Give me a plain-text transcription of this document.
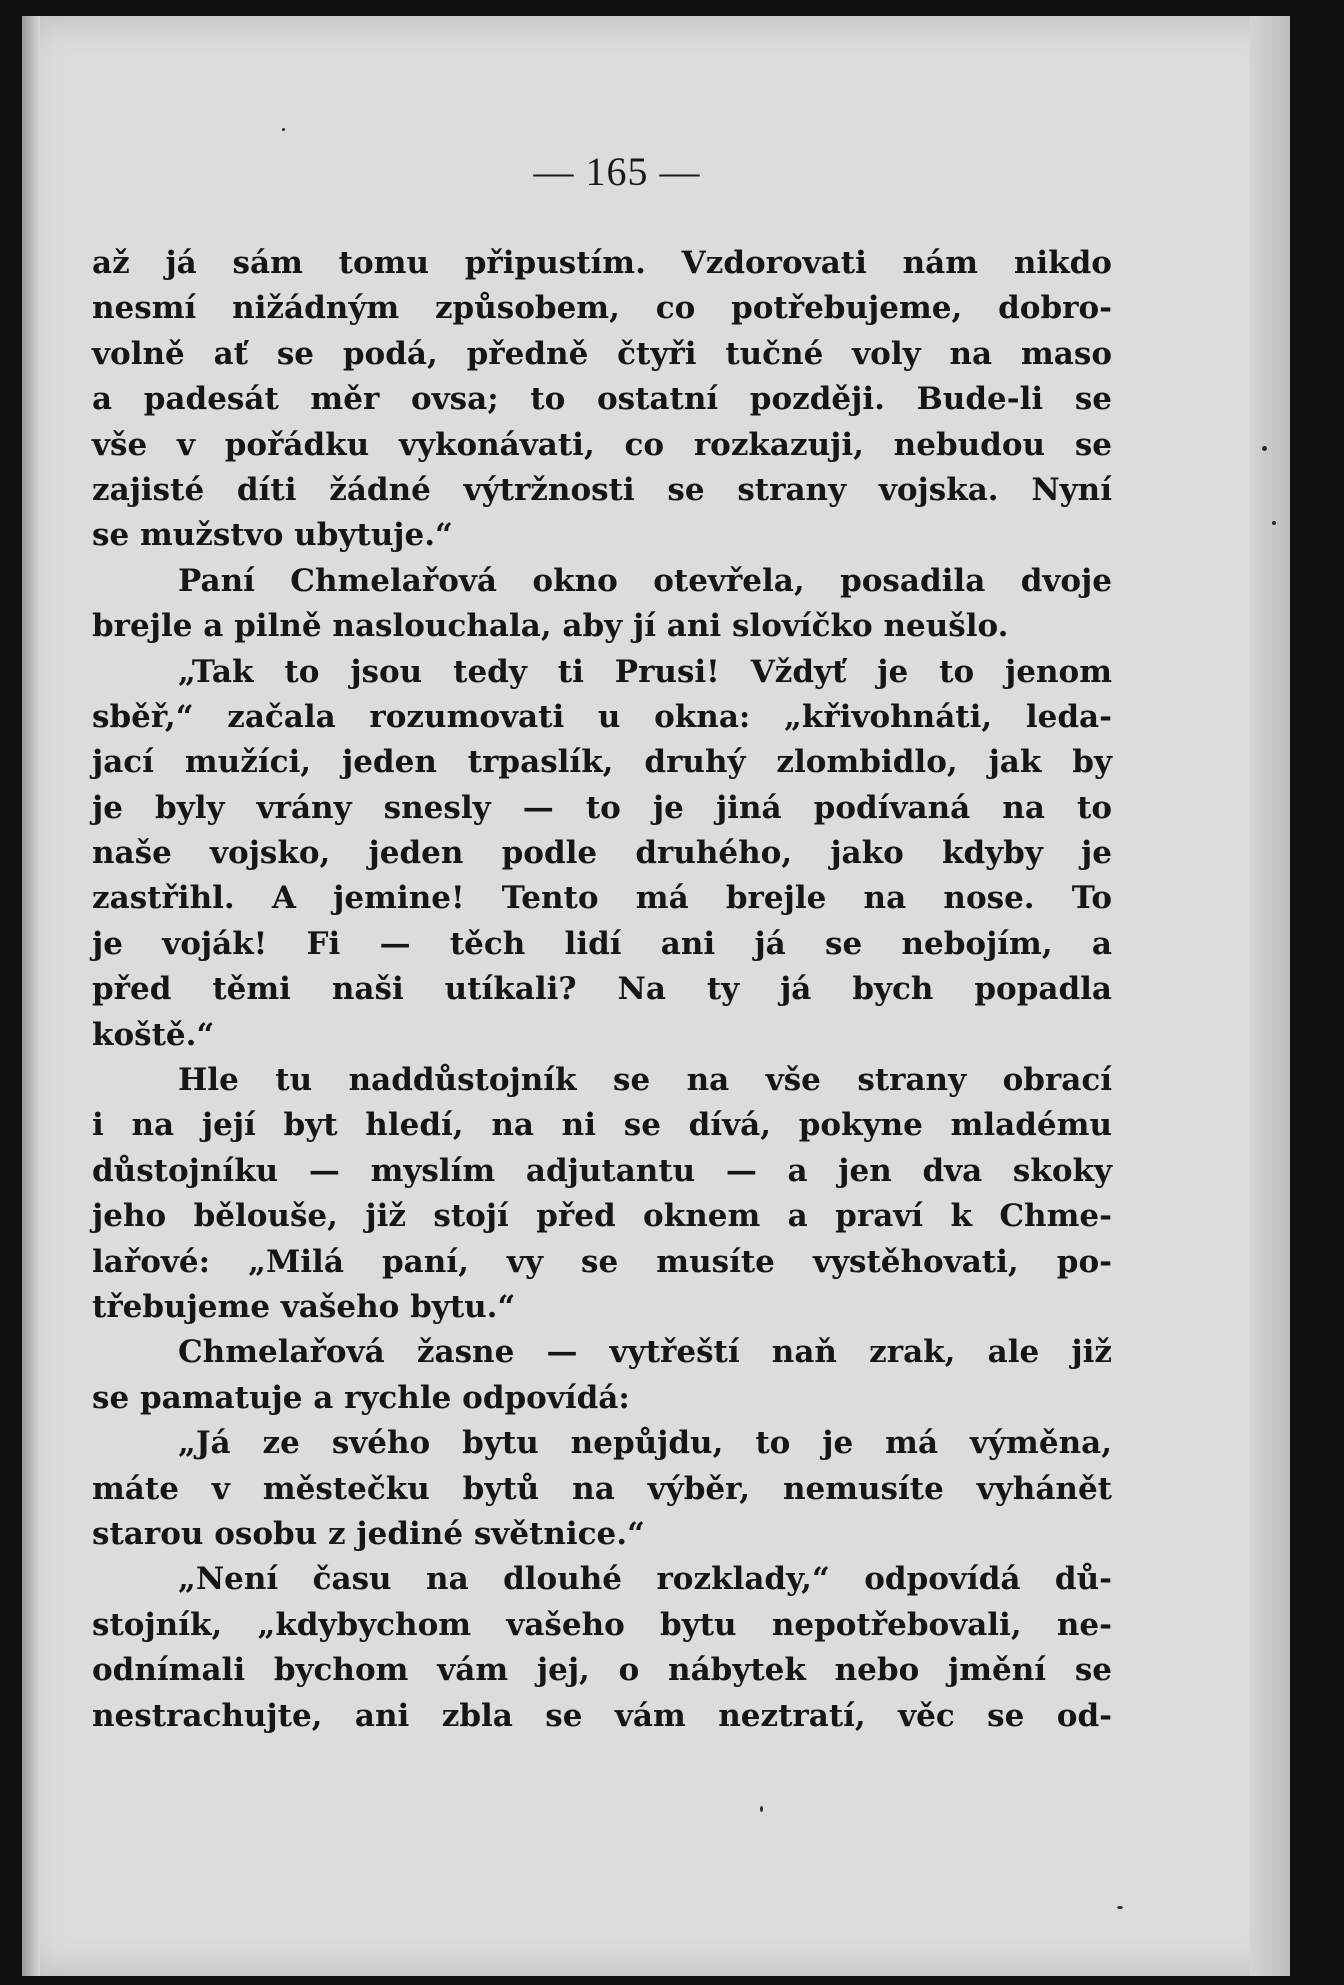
— 165 —
až já sám tomu připustím. Vzdorovati nám nikdo
nesmí nižádným způsobem, co potřebujeme, dobro-
volně ať se podá, předně čtyři tučné voly na maso
a padesát měr ovsa; to ostatní později. Bude-li se
vše v pořádku vykonávati, co rozkazuji, nebudou se
zajisté díti žádné výtržnosti se strany vojska. Nyní
se mužstvo ubytuje.“
Paní Chmelařová okno otevřela, posadila dvoje
brejle a pilně naslouchala, aby jí ani slovíčko neušlo.
„Tak to jsou tedy ti Prusi! Vždyť je to jenom
sběř,“ začala rozumovati u okna: „křivohnáti, leda-
jací mužíci, jeden trpaslík, druhý zlombidlo, jak by
je byly vrány snesly — to je jiná podívaná na to
naše vojsko, jeden podle druhého, jako kdyby je
zastřihl. A jemine! Tento má brejle na nose. To
je voják! Fi — těch lidí ani já se nebojím, a
před těmi naši utíkali? Na ty já bych popadla
koště.“
Hle tu naddůstojník se na vše strany obrací
i na její byt hledí, na ni se dívá, pokyne mladému
důstojníku — myslím adjutantu — a jen dva skoky
jeho bělouše, již stojí před oknem a praví k Chme-
lařové: „Milá paní, vy se musíte vystěhovati, po-
třebujeme vašeho bytu.“
Chmelařová žasne — vytřeští naň zrak, ale již
se pamatuje a rychle odpovídá:
„Já ze svého bytu nepůjdu, to je má výměna,
máte v městečku bytů na výběr, nemusíte vyhánět
starou osobu z jediné světnice.“
„Není času na dlouhé rozklady,“ odpovídá dů-
stojník, „kdybychom vašeho bytu nepotřebovali, ne-
odnímali bychom vám jej, o nábytek nebo jmění se
nestrachujte, ani zbla se vám neztratí, věc se od-
